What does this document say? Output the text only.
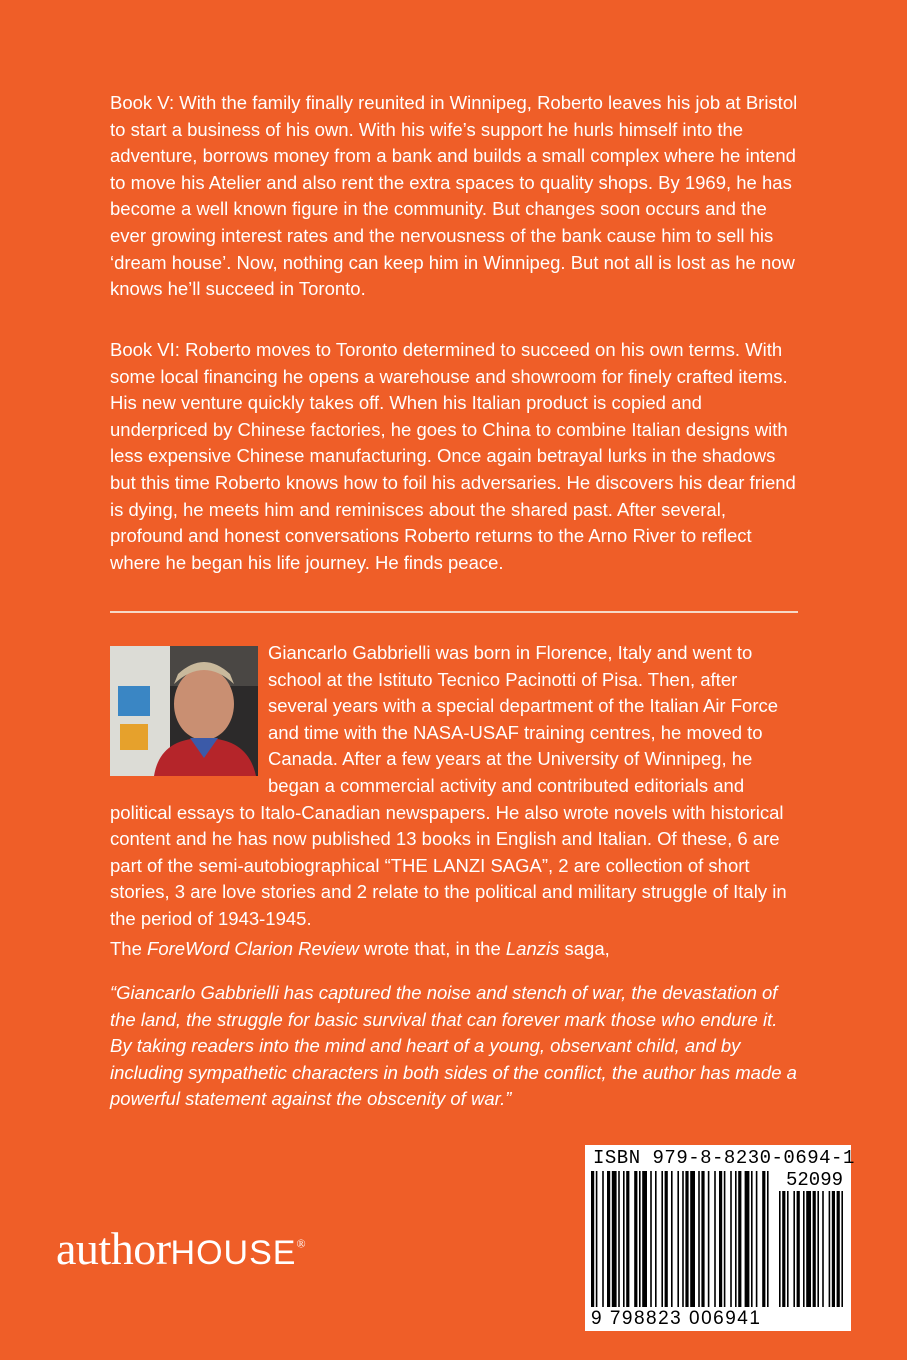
Book V: With the family finally reunited in Winnipeg, Roberto leaves his job at Bristol to start a business of his own. With his wife’s support he hurls himself into the adventure, borrows money from a bank and builds a small complex where he intend to move his Atelier and also rent the extra spaces to quality shops. By 1969, he has become a well known figure in the community. But changes soon occurs and the ever growing interest rates and the nervousness of the bank cause him to sell his ‘dream house’. Now, nothing can keep him in Winnipeg. But not all is lost as he now knows he’ll succeed in Toronto.

Book VI: Roberto moves to Toronto determined to succeed on his own terms. With some local financing he opens a warehouse and showroom for finely crafted items. His new venture quickly takes off. When his Italian product is copied and underpriced by Chinese factories, he goes to China to combine Italian designs with less expensive Chinese manufacturing. Once again betrayal lurks in the shadows but this time Roberto knows how to foil his adversaries. He discovers his dear friend is dying, he meets him and reminisces about the shared past. After several, profound and honest conversations Roberto returns to the Arno River to reflect where he began his life journey. He finds peace.

Giancarlo Gabbrielli was born in Florence, Italy and went to school at the Istituto Tecnico Pacinotti of Pisa. Then, after several years with a special department of the Italian Air Force and time with the NASA-USAF training centres, he moved to Canada. After a few years at the University of Winnipeg, he began a commercial activity and contributed editorials and political essays to Italo-Canadian newspapers. He also wrote novels with historical content and he has now published 13 books in English and Italian. Of these, 6 are part of the semi-autobiographical “THE LANZI SAGA”, 2 are collection of short stories, 3 are love stories and 2 relate to the political and military struggle of Italy in the period of 1943-1945.

The ForeWord Clarion Review wrote that, in the Lanzis saga,

“Giancarlo Gabbrielli has captured the noise and stench of war, the devastation of the land, the struggle for basic survival that can forever mark those who endure it. By taking readers into the mind and heart of a young, observant child, and by including sympathetic characters in both sides of the conflict, the author has made a powerful statement against the obscenity of war.”

authorHOUSE®
ISBN 979-8-8230-0694-1
52099
9 798823 006941
